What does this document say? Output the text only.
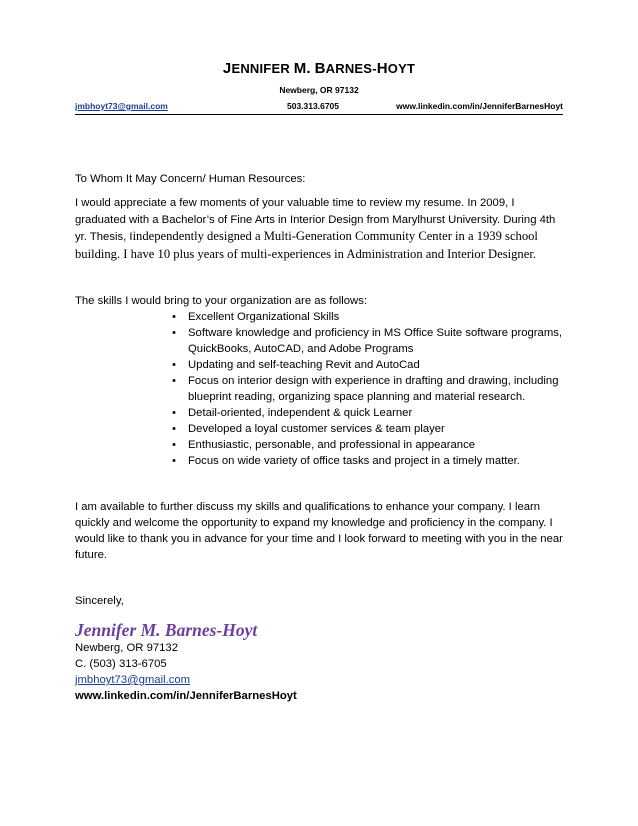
JENNIFER M. BARNES-HOYT
Newberg, OR 97132
jmbhoyt73@gmail.com	503.313.6705	www.linkedin.com/in/JenniferBarnesHoyt

To Whom It May Concern/ Human Resources:

I would appreciate a few moments of your valuable time to review my resume. In 2009, I graduated with a Bachelor’s of Fine Arts in Interior Design from Marylhurst University. During 4th yr. Thesis, Iindependently designed a Multi-Generation Community Center in a 1939 school building. I have 10 plus years of multi-experiences in Administration and Interior Designer.

The skills I would bring to your organization are as follows:

• Excellent Organizational Skills
• Software knowledge and proficiency in MS Office Suite software programs, QuickBooks, AutoCAD, and Adobe Programs
• Updating and self-teaching Revit and AutoCad
• Focus on interior design with experience in drafting and drawing, including blueprint reading, organizing space planning and material research.
• Detail-oriented, independent & quick Learner
• Developed a loyal customer services & team player
• Enthusiastic, personable, and professional in appearance
• Focus on wide variety of office tasks and project in a timely matter.

I am available to further discuss my skills and qualifications to enhance your company. I learn quickly and welcome the opportunity to expand my knowledge and proficiency in the company. I would like to thank you in advance for your time and I look forward to meeting with you in the near future.

Sincerely,

Jennifer M. Barnes-Hoyt
Newberg, OR 97132
C. (503) 313-6705
jmbhoyt73@gmail.com
www.linkedin.com/in/JenniferBarnesHoyt
